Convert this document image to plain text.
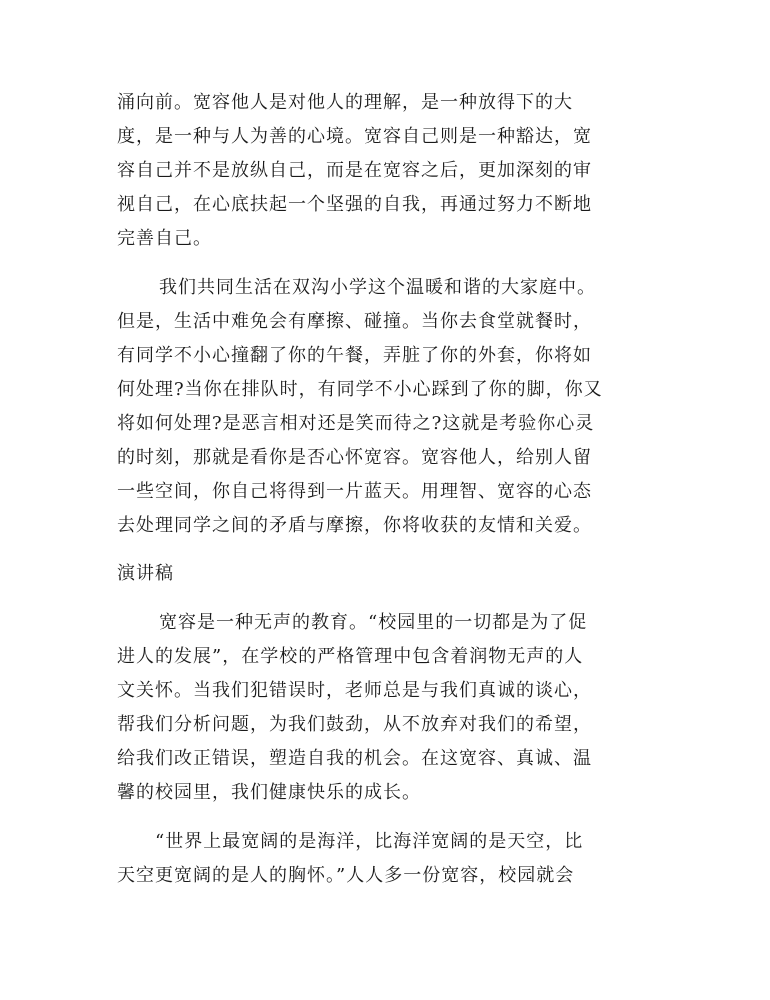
涌向前。宽容他人是对他人的理解，是一种放得下的大
度，是一种与人为善的心境。宽容自己则是一种豁达，宽
容自己并不是放纵自己，而是在宽容之后，更加深刻的审
视自己，在心底扶起一个坚强的自我，再通过努力不断地
完善自己。
我们共同生活在双沟小学这个温暖和谐的大家庭中。
但是，生活中难免会有摩擦、碰撞。当你去食堂就餐时，
有同学不小心撞翻了你的午餐，弄脏了你的外套，你将如
何处理?当你在排队时，有同学不小心踩到了你的脚，你又
将如何处理?是恶言相对还是笑而待之?这就是考验你心灵
的时刻，那就是看你是否心怀宽容。宽容他人，给别人留
一些空间，你自己将得到一片蓝天。用理智、宽容的心态
去处理同学之间的矛盾与摩擦，你将收获的友情和关爱。
演讲稿
宽容是一种无声的教育。“校园里的一切都是为了促
进人的发展”，在学校的严格管理中包含着润物无声的人
文关怀。当我们犯错误时，老师总是与我们真诚的谈心，
帮我们分析问题，为我们鼓劲，从不放弃对我们的希望，
给我们改正错误，塑造自我的机会。在这宽容、真诚、温
馨的校园里，我们健康快乐的成长。
“世界上最宽阔的是海洋，比海洋宽阔的是天空，比
天空更宽阔的是人的胸怀。”人人多一份宽容，校园就会
